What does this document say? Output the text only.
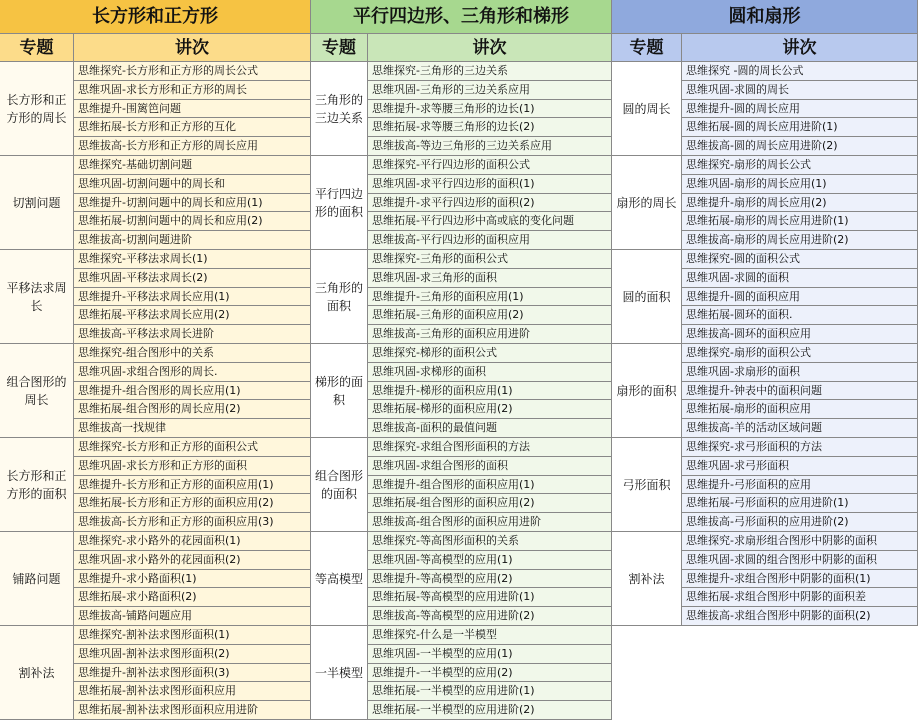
长方形和正方形
专题	讲次
长方形和正方形的周长
思维探究-长方形和正方形的周长公式
思维巩固-求长方形和正方形的周长
思维提升-围篱笆问题
思维拓展-长方形和正方形的互化
思维拔高-长方形和正方形的周长应用
切割问题
思维探究-基础切割问题
思维巩固-切割问题中的周长和
思维提升-切割问题中的周长和应用(1)
思维拓展-切割问题中的周长和应用(2)
思维拔高-切割问题进阶
平移法求周长
思维探究-平移法求周长(1)
思维巩固-平移法求周长(2)
思维提升-平移法求周长应用(1)
思维拓展-平移法求周长应用(2)
思维拔高-平移法求周长进阶
组合图形的周长
思维探究-组合图形中的关系
思维巩固-求组合图形的周长.
思维提升-组合图形的周长应用(1)
思维拓展-组合图形的周长应用(2)
思维拔高一找规律
长方形和正方形的面积
思维探究-长方形和正方形的面积公式
思维巩固-求长方形和正方形的面积
思维提升-长方形和正方形的面积应用(1)
思维拓展-长方形和正方形的面积应用(2)
思维拔高-长方形和正方形的面积应用(3)
铺路问题
思维探究-求小路外的花园面积(1)
思维巩固-求小路外的花园面积(2)
思维提升-求小路面积(1)
思维拓展-求小路面积(2)
思维拔高-铺路问题应用
割补法
思维探究-割补法求图形面积(1)
思维巩固-割补法求图形面积(2)
思维提升-割补法求图形面积(3)
思维拓展-割补法求图形面积应用
思维拓展-割补法求图形面积应用进阶
平行四边形、三角形和梯形
专题	讲次
三角形的三边关系
思维探究-三角形的三边关系
思维巩固-三角形的三边关系应用
思维提升-求等腰三角形的边长(1)
思维拓展-求等腰三角形的边长(2)
思维拔高-等边三角形的三边关系应用
平行四边形的面积
思维探究-平行四边形的面积公式
思维巩固-求平行四边形的面积(1)
思维提升-求平行四边形的面积(2)
思维拓展-平行四边形中高或底的变化问题
思维拔高-平行四边形的面积应用
三角形的面积
思维探究-三角形的面积公式
思维巩固-求三角形的面积
思维提升-三角形的面积应用(1)
思维拓展-三角形的面积应用(2)
思维拔高-三角形的面积应用进阶
梯形的面积
思维探究-梯形的面积公式
思维巩固-求梯形的面积
思维提升-梯形的面积应用(1)
思维拓展-梯形的面积应用(2)
思维拔高-面积的最值问题
组合图形的面积
思维探究-求组合图形面积的方法
思维巩固-求组合图形的面积
思维提升-组合图形的面积应用(1)
思维拓展-组合图形的面积应用(2)
思维拔高-组合图形的面积应用进阶
等高模型
思维探究-等高图形面积的关系
思维巩固-等高模型的应用(1)
思维提升-等高模型的应用(2)
思维拓展-等高模型的应用进阶(1)
思维拔高-等高模型的应用进阶(2)
一半模型
思维探究-什么是一半模型
思维巩固-一半模型的应用(1)
思维提升-一半模型的应用(2)
思维拓展-一半模型的应用进阶(1)
思维拓展-一半模型的应用进阶(2)
圆和扇形
专题	讲次
圆的周长
思维探究 -圆的周长公式
思维巩固-求圆的周长
思维提升-圆的周长应用
思维拓展-圆的周长应用进阶(1)
思维拔高-圆的周长应用进阶(2)
扇形的周长
思维探究-扇形的周长公式
思维巩固-扇形的周长应用(1)
思维提升-扇形的周长应用(2)
思维拓展-扇形的周长应用进阶(1)
思维拔高-扇形的周长应用进阶(2)
圆的面积
思维探究-圆的面积公式
思维巩固-求圆的面积
思维提升-圆的面积应用
思维拓展-圆环的面积.
思维拔高-圆环的面积应用
扇形的面积
思维探究-扇形的面积公式
思维巩固-求扇形的面积
思维提升-钟表中的面积问题
思维拓展-扇形的面积应用
思维拔高-羊的活动区域问题
弓形面积
思维探究-求弓形面积的方法
思维巩固-求弓形面积
思维提升-弓形面积的应用
思维拓展-弓形面积的应用进阶(1)
思维拔高-弓形面积的应用进阶(2)
割补法
思维探究-求扇形组合图形中阴影的面积
思维巩固-求圆的组合图形中阴影的面积
思维提升-求组合图形中阴影的面积(1)
思维拓展-求组合图形中阴影的面积差
思维拔高-求组合图形中阴影的面积(2)
